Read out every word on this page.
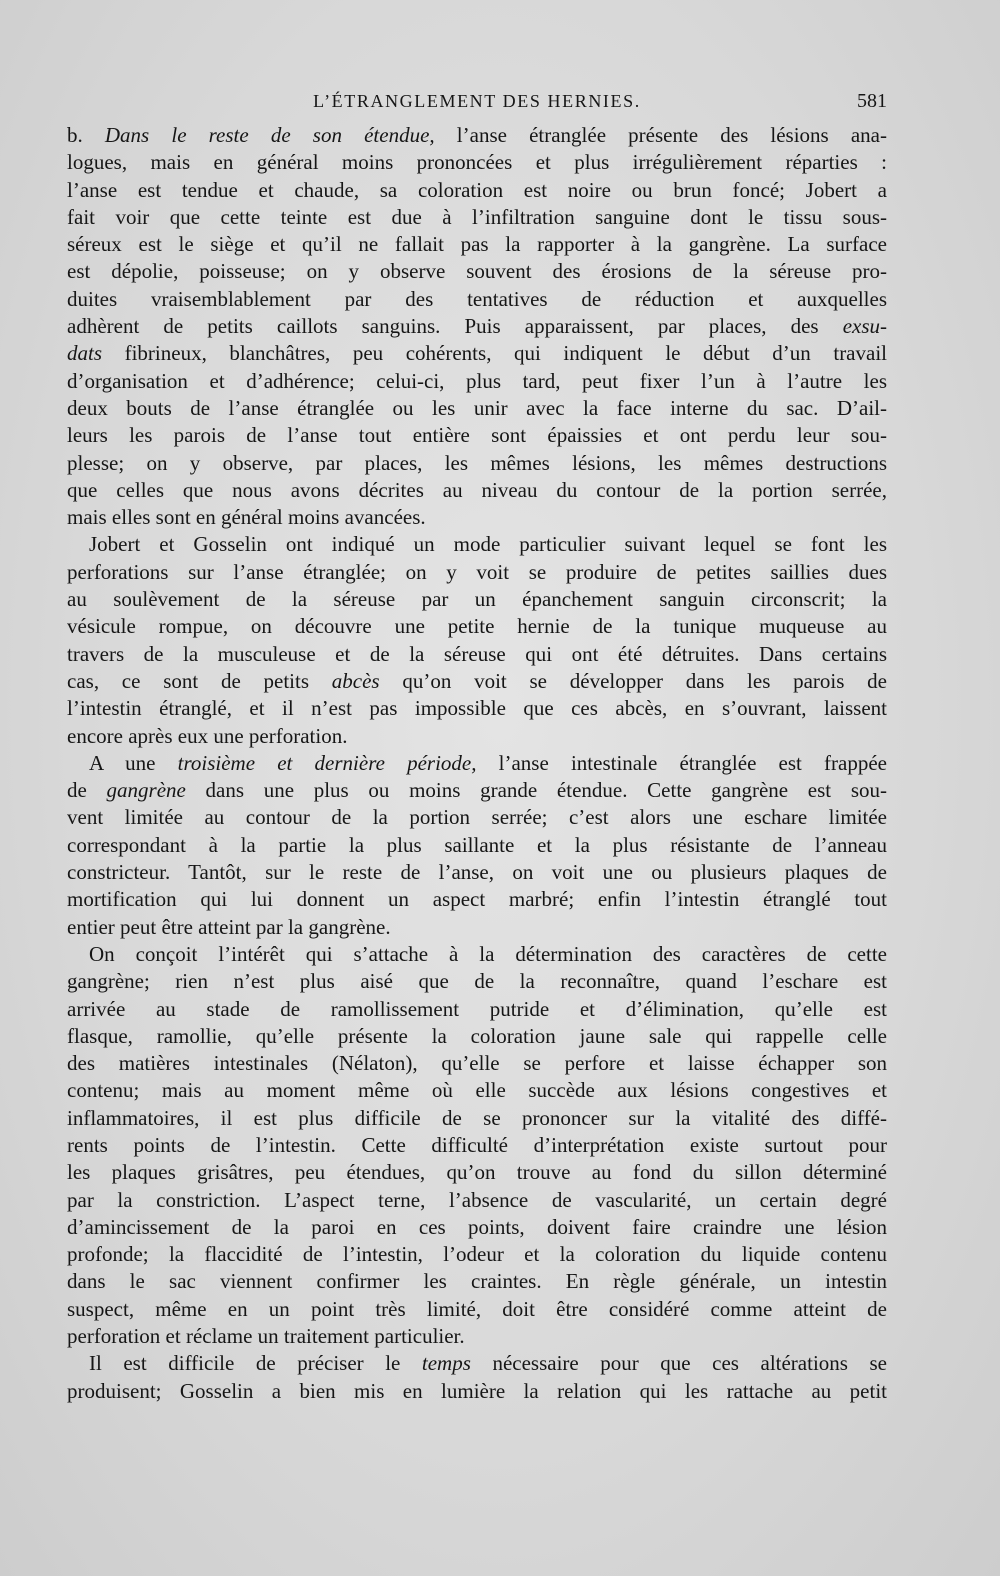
L’ÉTRANGLEMENT DES HERNIES.	581
b. Dans le reste de son étendue, l’anse étranglée présente des lésions ana-
logues, mais en général moins prononcées et plus irrégulièrement réparties :
l’anse est tendue et chaude, sa coloration est noire ou brun foncé; Jobert a
fait voir que cette teinte est due à l’infiltration sanguine dont le tissu sous-
séreux est le siège et qu’il ne fallait pas la rapporter à la gangrène. La surface
est dépolie, poisseuse; on y observe souvent des érosions de la séreuse pro-
duites vraisemblablement par des tentatives de réduction et auxquelles
adhèrent de petits caillots sanguins. Puis apparaissent, par places, des exsu-
dats fibrineux, blanchâtres, peu cohérents, qui indiquent le début d’un travail
d’organisation et d’adhérence; celui-ci, plus tard, peut fixer l’un à l’autre les
deux bouts de l’anse étranglée ou les unir avec la face interne du sac. D’ail-
leurs les parois de l’anse tout entière sont épaissies et ont perdu leur sou-
plesse; on y observe, par places, les mêmes lésions, les mêmes destructions
que celles que nous avons décrites au niveau du contour de la portion serrée,
mais elles sont en général moins avancées.
Jobert et Gosselin ont indiqué un mode particulier suivant lequel se font les
perforations sur l’anse étranglée; on y voit se produire de petites saillies dues
au soulèvement de la séreuse par un épanchement sanguin circonscrit; la
vésicule rompue, on découvre une petite hernie de la tunique muqueuse au
travers de la musculeuse et de la séreuse qui ont été détruites. Dans certains
cas, ce sont de petits abcès qu’on voit se développer dans les parois de
l’intestin étranglé, et il n’est pas impossible que ces abcès, en s’ouvrant, laissent
encore après eux une perforation.
A une troisième et dernière période, l’anse intestinale étranglée est frappée
de gangrène dans une plus ou moins grande étendue. Cette gangrène est sou-
vent limitée au contour de la portion serrée; c’est alors une eschare limitée
correspondant à la partie la plus saillante et la plus résistante de l’anneau
constricteur. Tantôt, sur le reste de l’anse, on voit une ou plusieurs plaques de
mortification qui lui donnent un aspect marbré; enfin l’intestin étranglé tout
entier peut être atteint par la gangrène.
On conçoit l’intérêt qui s’attache à la détermination des caractères de cette
gangrène; rien n’est plus aisé que de la reconnaître, quand l’eschare est
arrivée au stade de ramollissement putride et d’élimination, qu’elle est
flasque, ramollie, qu’elle présente la coloration jaune sale qui rappelle celle
des matières intestinales (Nélaton), qu’elle se perfore et laisse échapper son
contenu; mais au moment même où elle succède aux lésions congestives et
inflammatoires, il est plus difficile de se prononcer sur la vitalité des diffé-
rents points de l’intestin. Cette difficulté d’interprétation existe surtout pour
les plaques grisâtres, peu étendues, qu’on trouve au fond du sillon déterminé
par la constriction. L’aspect terne, l’absence de vascularité, un certain degré
d’amincissement de la paroi en ces points, doivent faire craindre une lésion
profonde; la flaccidité de l’intestin, l’odeur et la coloration du liquide contenu
dans le sac viennent confirmer les craintes. En règle générale, un intestin
suspect, même en un point très limité, doit être considéré comme atteint de
perforation et réclame un traitement particulier.
Il est difficile de préciser le temps nécessaire pour que ces altérations se
produisent; Gosselin a bien mis en lumière la relation qui les rattache au petit
